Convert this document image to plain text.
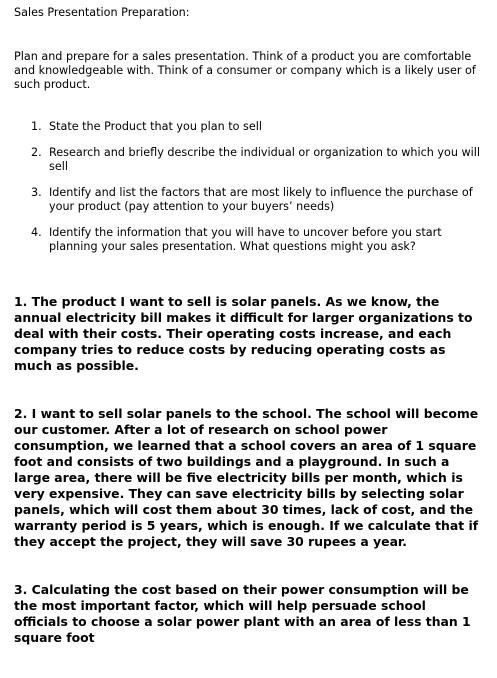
Sales Presentation Preparation:

Plan and prepare for a sales presentation. Think of a product you are comfortable and knowledgeable with. Think of a consumer or company which is a likely user of such product.

1. State the Product that you plan to sell
2. Research and briefly describe the individual or organization to which you will sell
3. Identify and list the factors that are most likely to influence the purchase of your product (pay attention to your buyers’ needs)
4. Identify the information that you will have to uncover before you start planning your sales presentation. What questions might you ask?

1. The product I want to sell is solar panels. As we know, the annual electricity bill makes it difficult for larger organizations to deal with their costs. Their operating costs increase, and each company tries to reduce costs by reducing operating costs as much as possible.

2. I want to sell solar panels to the school. The school will become our customer. After a lot of research on school power consumption, we learned that a school covers an area of 1 square foot and consists of two buildings and a playground. In such a large area, there will be five electricity bills per month, which is very expensive. They can save electricity bills by selecting solar panels, which will cost them about 30 times, lack of cost, and the warranty period is 5 years, which is enough. If we calculate that if they accept the project, they will save 30 rupees a year.

3. Calculating the cost based on their power consumption will be the most important factor, which will help persuade school officials to choose a solar power plant with an area of less than 1 square foot
